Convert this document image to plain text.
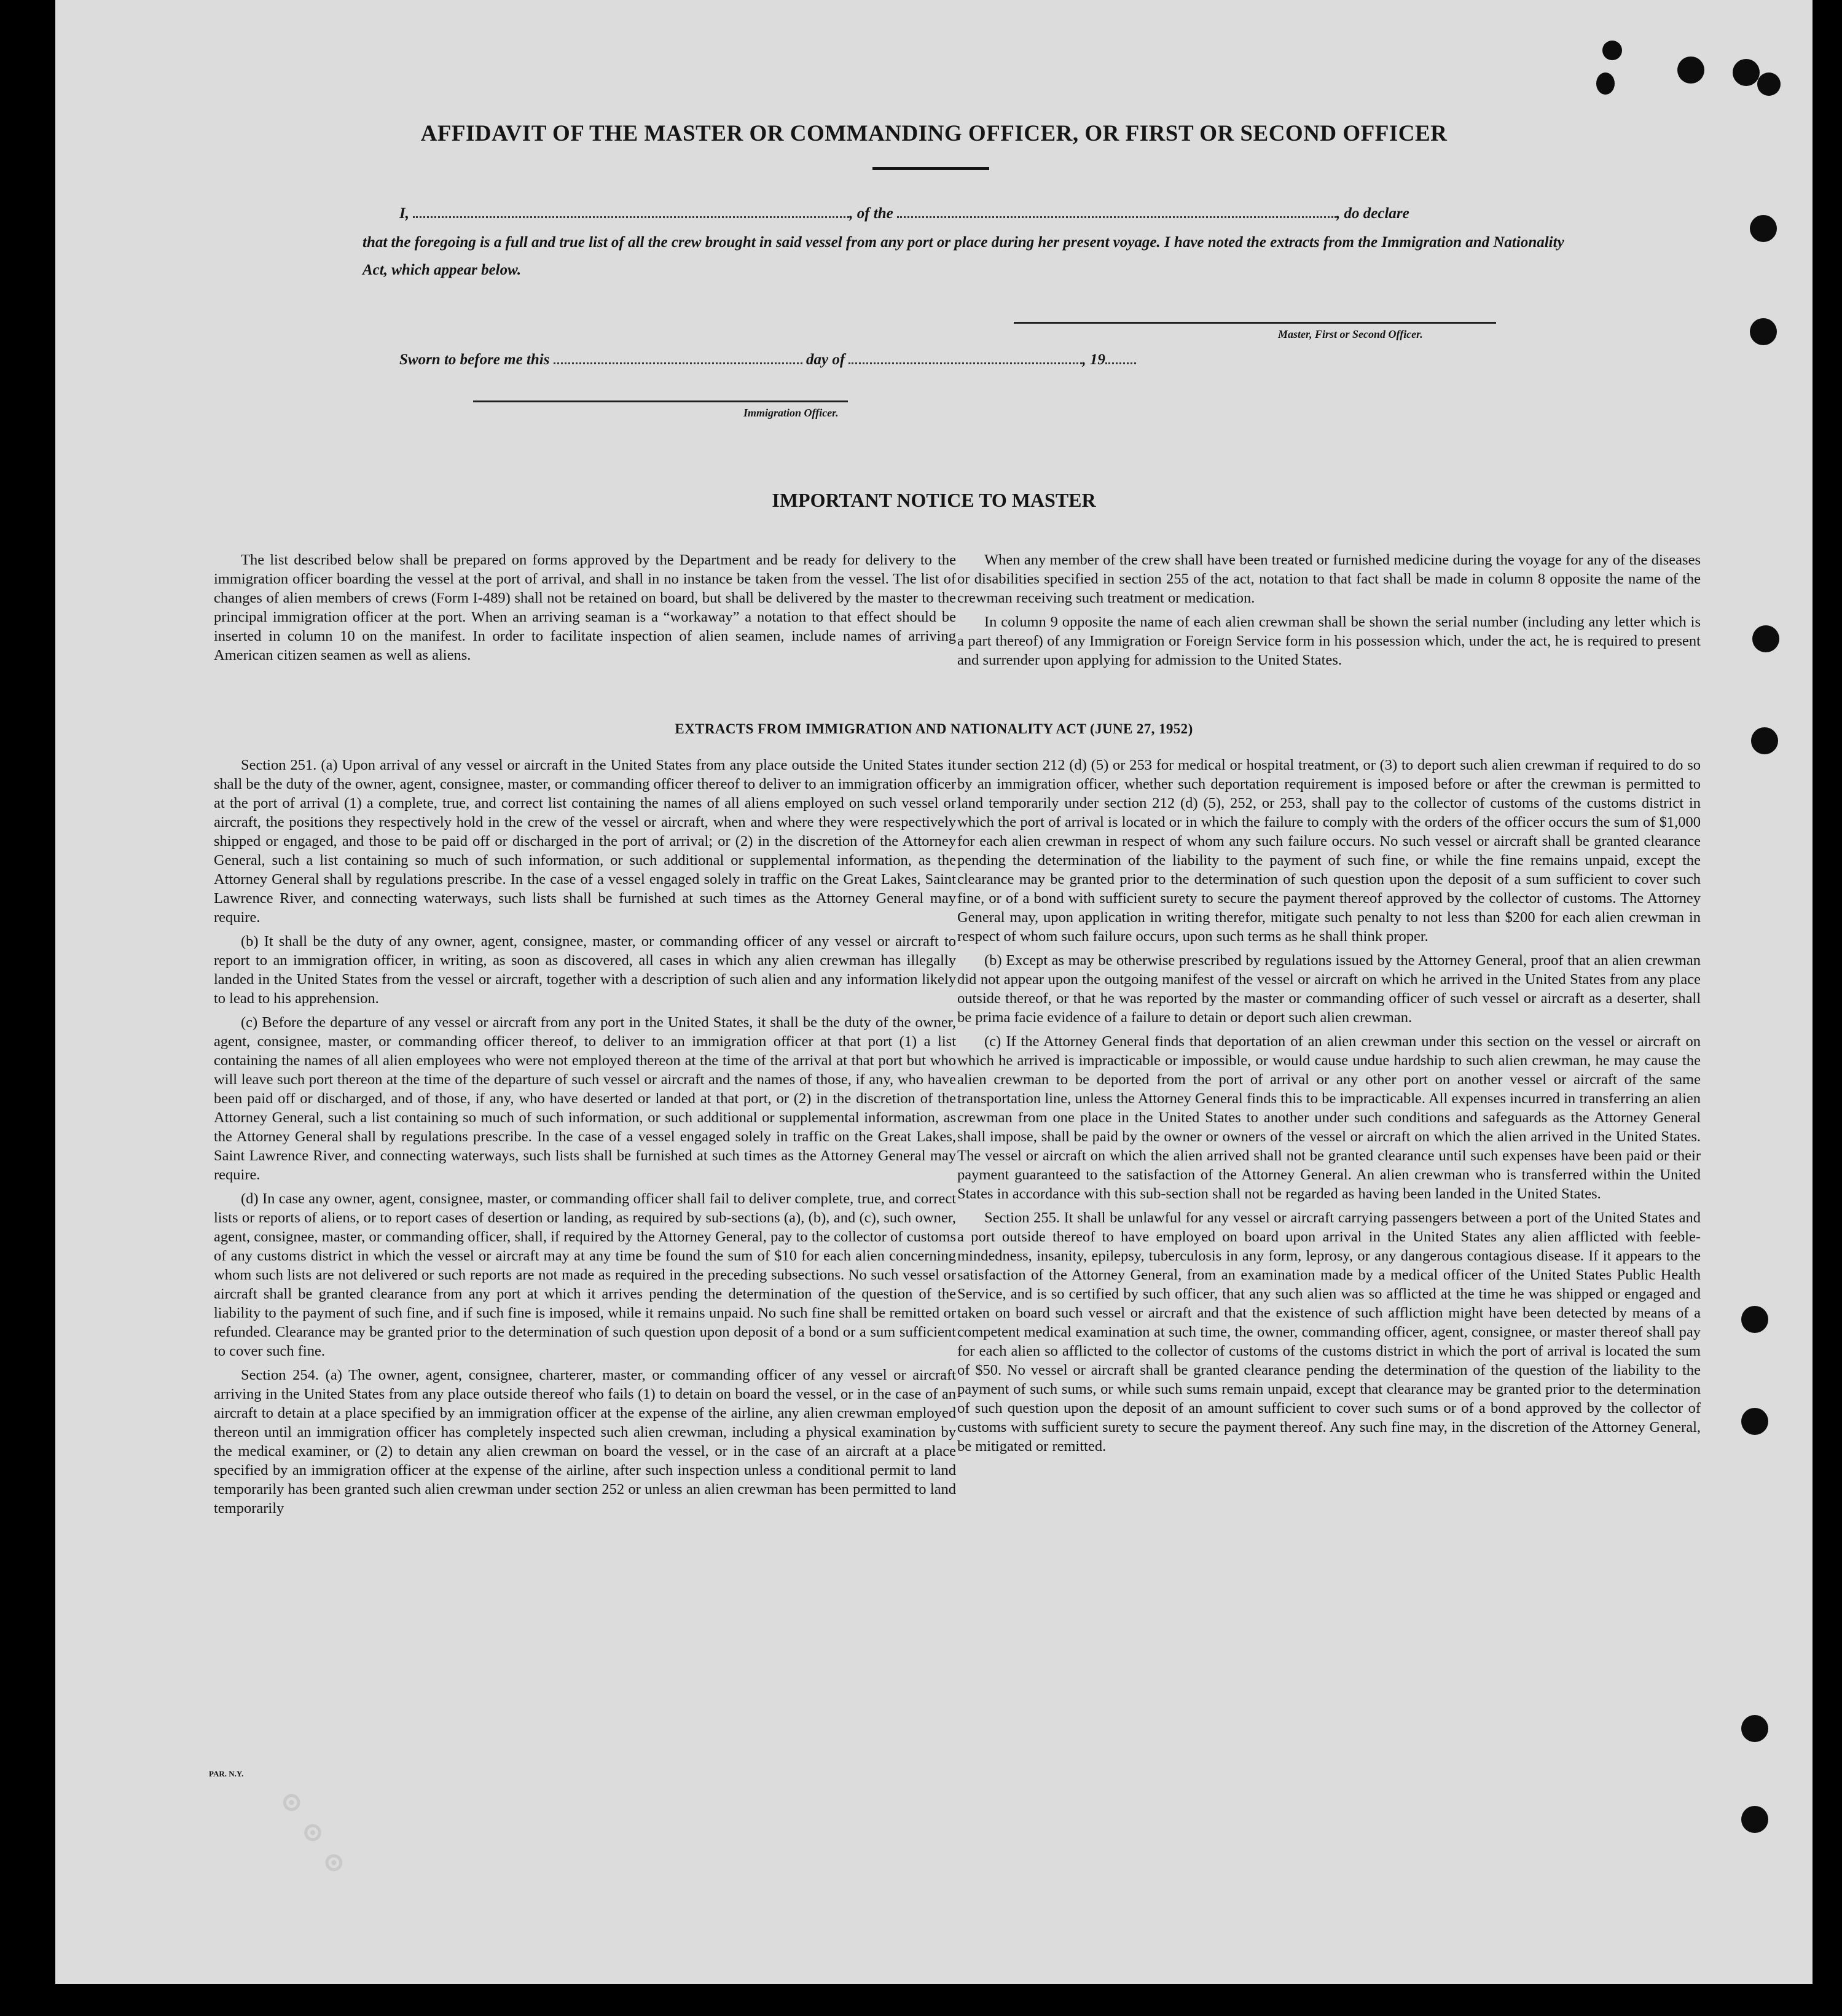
⊙ ⊙ ⊙
AFFIDAVIT OF THE MASTER OR COMMANDING OFFICER, OR FIRST OR SECOND OFFICER
I,	, of the	, do declare
that the foregoing is a full and true list of all the crew brought in said vessel from any port or place during her present voyage. I have noted the extracts from the Immigration and Nationality Act, which appear below.
Master, First or Second Officer.
Sworn to before me this	day of	, 19
Immigration Officer.
IMPORTANT NOTICE TO MASTER

The list described below shall be prepared on forms approved by the Department and be ready for delivery to the immigration officer boarding the vessel at the port of arrival, and shall in no instance be taken from the vessel. The list of changes of alien members of crews (Form I-489) shall not be retained on board, but shall be delivered by the master to the principal immigration officer at the port. When an arriving seaman is a “workaway” a notation to that effect should be inserted in column 10 on the manifest. In order to facilitate inspection of alien seamen, include names of arriving American citizen seamen as well as aliens.

When any member of the crew shall have been treated or furnished medicine during the voyage for any of the diseases or disabilities specified in section 255 of the act, notation to that fact shall be made in column 8 opposite the name of the crewman receiving such treatment or medication.

In column 9 opposite the name of each alien crewman shall be shown the serial number (including any letter which is a part thereof) of any Immigration or Foreign Service form in his possession which, under the act, he is required to present and surrender upon applying for admission to the United States.

EXTRACTS FROM IMMIGRATION AND NATIONALITY ACT (JUNE 27, 1952)

Section 251. (a) Upon arrival of any vessel or aircraft in the United States from any place outside the United States it shall be the duty of the owner, agent, consignee, master, or commanding officer thereof to deliver to an immigration officer at the port of arrival (1) a complete, true, and correct list containing the names of all aliens employed on such vessel or aircraft, the positions they respectively hold in the crew of the vessel or aircraft, when and where they were respectively shipped or engaged, and those to be paid off or discharged in the port of arrival; or (2) in the discretion of the Attorney General, such a list containing so much of such information, or such additional or supplemental information, as the Attorney General shall by regulations prescribe. In the case of a vessel engaged solely in traffic on the Great Lakes, Saint Lawrence River, and connecting waterways, such lists shall be furnished at such times as the Attorney General may require.

(b) It shall be the duty of any owner, agent, consignee, master, or commanding officer of any vessel or aircraft to report to an immigration officer, in writing, as soon as discovered, all cases in which any alien crewman has illegally landed in the United States from the vessel or aircraft, together with a description of such alien and any information likely to lead to his apprehension.

(c) Before the departure of any vessel or aircraft from any port in the United States, it shall be the duty of the owner, agent, consignee, master, or commanding officer thereof, to deliver to an immigration officer at that port (1) a list containing the names of all alien employees who were not employed thereon at the time of the arrival at that port but who will leave such port thereon at the time of the departure of such vessel or aircraft and the names of those, if any, who have been paid off or discharged, and of those, if any, who have deserted or landed at that port, or (2) in the discretion of the Attorney General, such a list containing so much of such information, or such additional or supplemental information, as the Attorney General shall by regulations prescribe. In the case of a vessel engaged solely in traffic on the Great Lakes, Saint Lawrence River, and connecting waterways, such lists shall be furnished at such times as the Attorney General may require.

(d) In case any owner, agent, consignee, master, or commanding officer shall fail to deliver complete, true, and correct lists or reports of aliens, or to report cases of desertion or landing, as required by sub-sections (a), (b), and (c), such owner, agent, consignee, master, or commanding officer, shall, if required by the Attorney General, pay to the collector of customs of any customs district in which the vessel or aircraft may at any time be found the sum of $10 for each alien concerning whom such lists are not delivered or such reports are not made as required in the preceding subsections. No such vessel or aircraft shall be granted clearance from any port at which it arrives pending the determination of the question of the liability to the payment of such fine, and if such fine is imposed, while it remains unpaid. No such fine shall be remitted or refunded. Clearance may be granted prior to the determination of such question upon deposit of a bond or a sum sufficient to cover such fine.

Section 254. (a) The owner, agent, consignee, charterer, master, or commanding officer of any vessel or aircraft arriving in the United States from any place outside thereof who fails (1) to detain on board the vessel, or in the case of an aircraft to detain at a place specified by an immigration officer at the expense of the airline, any alien crewman employed thereon until an immigration officer has completely inspected such alien crewman, including a physical examination by the medical examiner, or (2) to detain any alien crewman on board the vessel, or in the case of an aircraft at a place specified by an immigration officer at the expense of the airline, after such inspection unless a conditional permit to land temporarily has been granted such alien crewman under section 252 or unless an alien crewman has been permitted to land temporarily

under section 212 (d) (5) or 253 for medical or hospital treatment, or (3) to deport such alien crewman if required to do so by an immigration officer, whether such deportation requirement is imposed before or after the crewman is permitted to land temporarily under section 212 (d) (5), 252, or 253, shall pay to the collector of customs of the customs district in which the port of arrival is located or in which the failure to comply with the orders of the officer occurs the sum of $1,000 for each alien crewman in respect of whom any such failure occurs. No such vessel or aircraft shall be granted clearance pending the determination of the liability to the payment of such fine, or while the fine remains unpaid, except the clearance may be granted prior to the determination of such question upon the deposit of a sum sufficient to cover such fine, or of a bond with sufficient surety to secure the payment thereof approved by the collector of customs. The Attorney General may, upon application in writing therefor, mitigate such penalty to not less than $200 for each alien crewman in respect of whom such failure occurs, upon such terms as he shall think proper.

(b) Except as may be otherwise prescribed by regulations issued by the Attorney General, proof that an alien crewman did not appear upon the outgoing manifest of the vessel or aircraft on which he arrived in the United States from any place outside thereof, or that he was reported by the master or commanding officer of such vessel or aircraft as a deserter, shall be prima facie evidence of a failure to detain or deport such alien crewman.

(c) If the Attorney General finds that deportation of an alien crewman under this section on the vessel or aircraft on which he arrived is impracticable or impossible, or would cause undue hardship to such alien crewman, he may cause the alien crewman to be deported from the port of arrival or any other port on another vessel or aircraft of the same transportation line, unless the Attorney General finds this to be impracticable. All expenses incurred in transferring an alien crewman from one place in the United States to another under such conditions and safeguards as the Attorney General shall impose, shall be paid by the owner or owners of the vessel or aircraft on which the alien arrived in the United States. The vessel or aircraft on which the alien arrived shall not be granted clearance until such expenses have been paid or their payment guaranteed to the satisfaction of the Attorney General. An alien crewman who is transferred within the United States in accordance with this sub-section shall not be regarded as having been landed in the United States.

Section 255. It shall be unlawful for any vessel or aircraft carrying passengers between a port of the United States and a port outside thereof to have employed on board upon arrival in the United States any alien afflicted with feeble-mindedness, insanity, epilepsy, tuberculosis in any form, leprosy, or any dangerous contagious disease. If it appears to the satisfaction of the Attorney General, from an examination made by a medical officer of the United States Public Health Service, and is so certified by such officer, that any such alien was so afflicted at the time he was shipped or engaged and taken on board such vessel or aircraft and that the existence of such affliction might have been detected by means of a competent medical examination at such time, the owner, commanding officer, agent, consignee, or master thereof shall pay for each alien so afflicted to the collector of customs of the customs district in which the port of arrival is located the sum of $50. No vessel or aircraft shall be granted clearance pending the determination of the question of the liability to the payment of such sums, or while such sums remain unpaid, except that clearance may be granted prior to the determination of such question upon the deposit of an amount sufficient to cover such sums or of a bond approved by the collector of customs with sufficient surety to secure the payment thereof. Any such fine may, in the discretion of the Attorney General, be mitigated or remitted.

PAR. N.Y.
